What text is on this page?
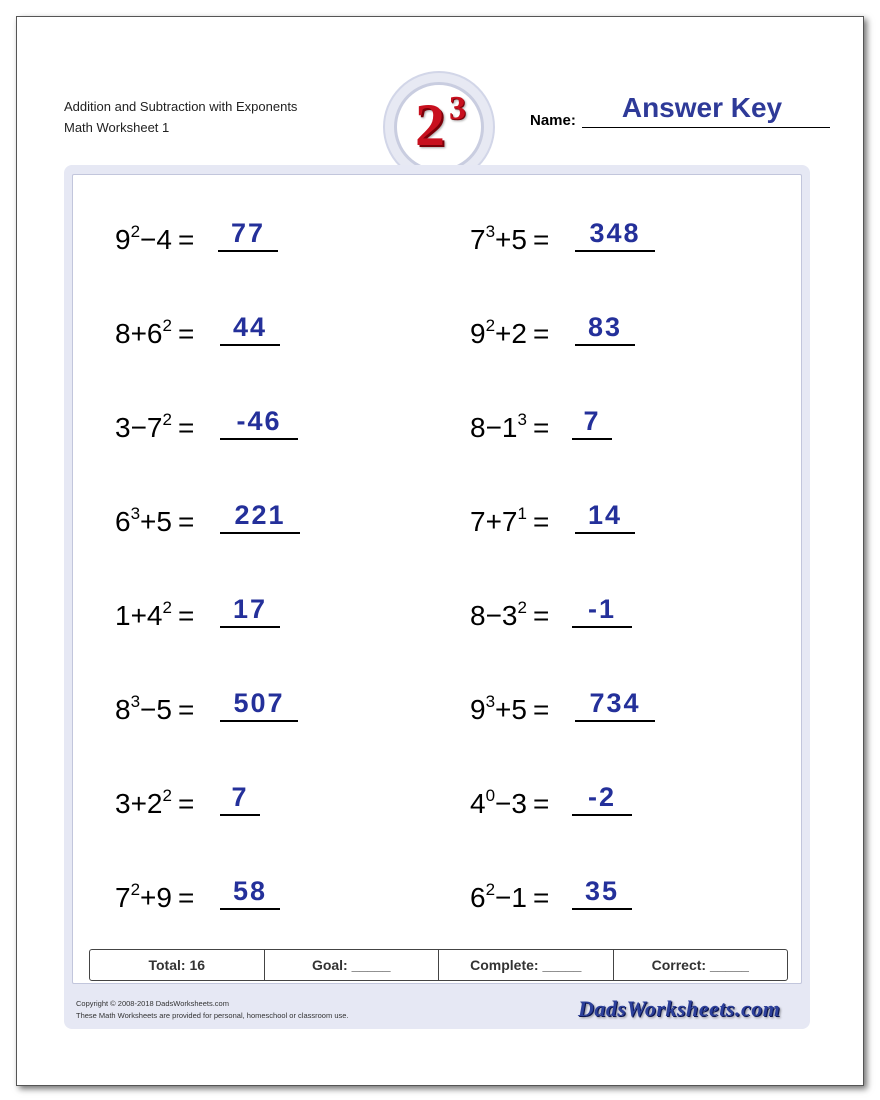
Addition and Subtraction with Exponents
Math Worksheet 1	2 3	Name:	Answer Key
$9^2-4$ =	77	$7^3+5$ =	348
$8+6^2$ =	44	$9^2+2$ =	83
$3-7^2$ =	-46	$8-1^3$ =	7
$6^3+5$ =	221	$7+7^1$ =	14
$1+4^2$ =	17	$8-3^2$ =	-1
$8^3-5$ =	507	$9^3+5$ =	734
$3+2^2$ =	7	$4^0-3$ =	-2
$7^2+9$ =	58	$6^2-1$ =	35
Total: 16	Goal: _____	Complete: _____	Correct: _____
Copyright © 2008-2018 DadsWorksheets.com
These Math Worksheets are provided for personal, homeschool or classroom use.	DadsWorksheets.com
